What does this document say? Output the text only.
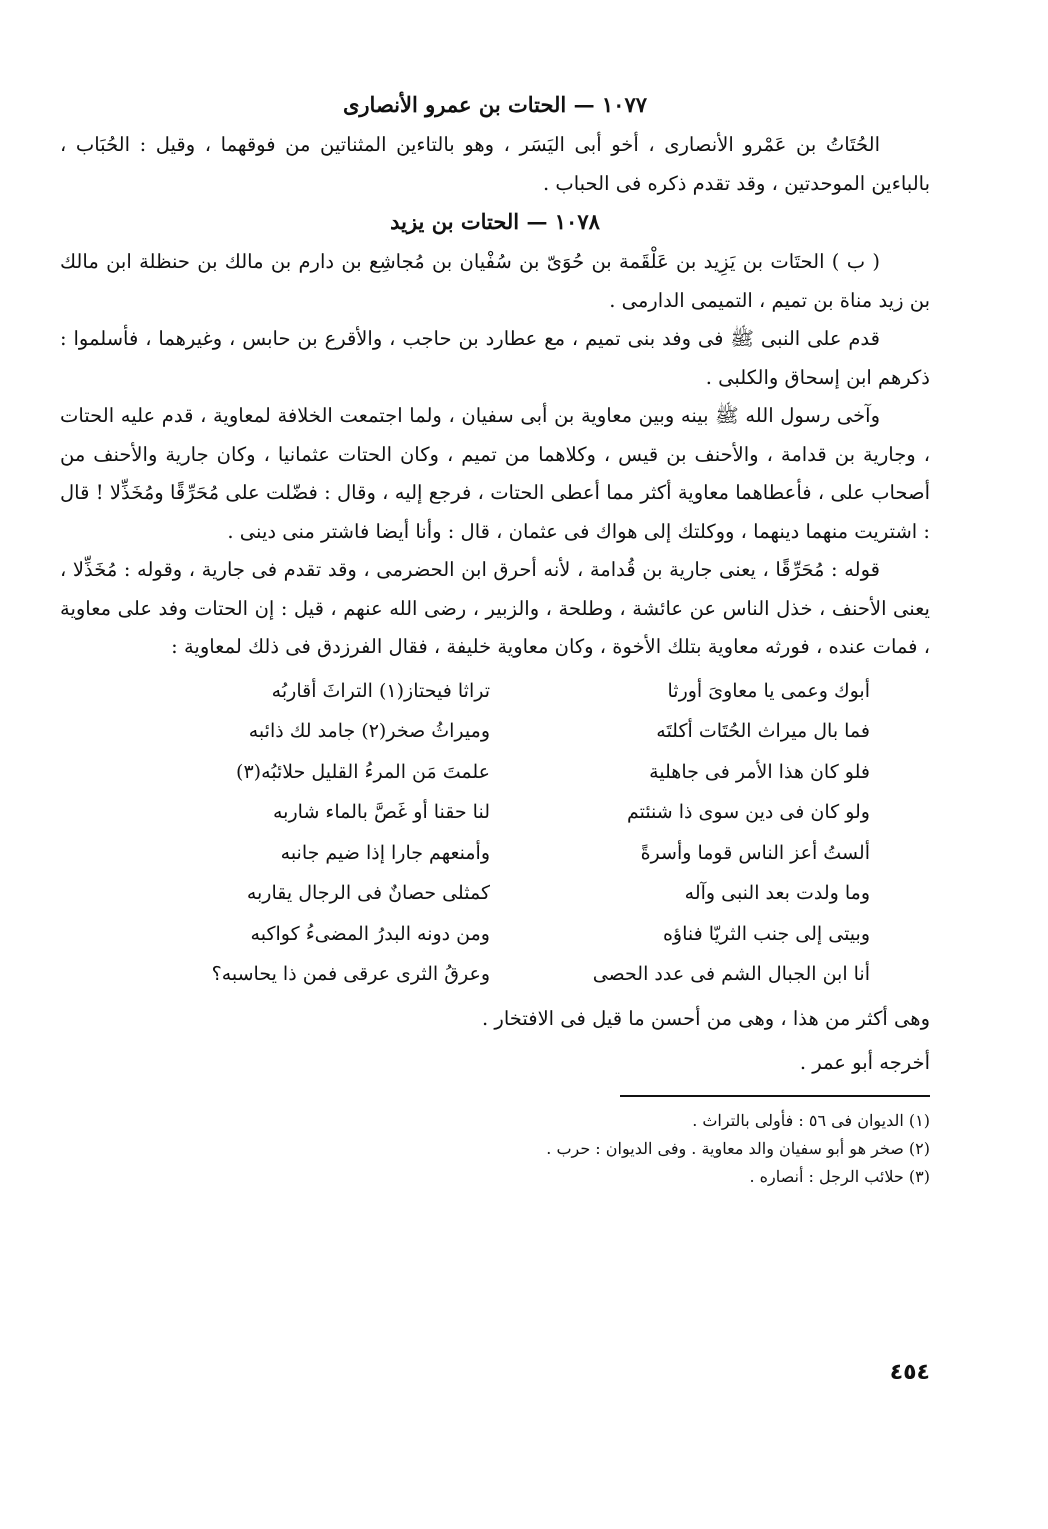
١٠٧٧ — الحتات بن عمرو الأنصارى

الحُتَاتُ بن عَمْرو الأنصارى ، أخو أبى اليَسَر ، وهو بالتاءين المثناتين من فوقهما ، وقيل : الحُبَاب ، بالباءين الموحدتين ، وقد تقدم ذكره فى الحباب .

١٠٧٨ — الحتات بن يزيد

( ب ) الحتَات بن يَزِيد بن عَلْقَمة بن حُوَىّ بن سُفْيان بن مُجاشِع بن دارم بن مالك بن حنظلة ابن مالك بن زيد مناة بن تميم ، التميمى الدارمى .

قدم على النبى ﷺ فى وفد بنى تميم ، مع عطارد بن حاجب ، والأقرع بن حابس ، وغيرهما ، فأسلموا : ذكرهم ابن إسحاق والكلبى .

وآخى رسول الله ﷺ بينه وبين معاوية بن أبى سفيان ، ولما اجتمعت الخلافة لمعاوية ، قدم عليه الحتات ، وجارية بن قدامة ، والأحنف بن قيس ، وكلاهما من تميم ، وكان الحتات عثمانيا ، وكان جارية والأحنف من أصحاب على ، فأعطاهما معاوية أكثر مما أعطى الحتات ، فرجع إليه ، وقال : فضّلت على مُحَرِّقًا ومُخَذِّلا ! قال : اشتريت منهما دينهما ، ووكلتك إلى هواك فى عثمان ، قال : وأنا أيضا فاشتر منى دينى .

قوله : مُحَرِّقًا ، يعنى جارية بن قُدامة ، لأنه أحرق ابن الحضرمى ، وقد تقدم فى جارية ، وقوله : مُخَذِّلا ، يعنى الأحنف ، خذل الناس عن عائشة ، وطلحة ، والزبير ، رضى الله عنهم ، قيل : إن الحتات وفد على معاوية ، فمات عنده ، فورثه معاوية بتلك الأخوة ، وكان معاوية خليفة ، فقال الفرزدق فى ذلك لمعاوية :

أبوك وعمى يا معاوىَ أورثا
تراثا فيحتاز(١) التراثَ أقاربُه
فما بال ميراث الحُتَات أكلتَه
وميراثُ صخر(٢) جامد لك ذائبه
فلو كان هذا الأمر فى جاهلية
علمتَ مَن المرءُ القليل حلائبُه(٣)
ولو كان فى دين سوى ذا شنئتم
لنا حقنا أو غَصَّ بالماء شاربه
ألستُ أعز الناس قوما وأسرةً
وأمنعهم جارا إذا ضيم جانبه
وما ولدت بعد النبى وآله
كمثلى حصانٌ فى الرجال يقاربه
وبيتى إلى جنب الثريّا فناؤه
ومن دونه البدرُ المضىءُ كواكبه
أنا ابن الجبال الشم فى عدد الحصى
وعرقُ الثرى عرقى فمن ذا يحاسبه؟

وهى أكثر من هذا ، وهى من أحسن ما قيل فى الافتخار .

أخرجه أبو عمر .

(١) الديوان فى ٥٦ : فأولى بالتراث .

(٢) صخر هو أبو سفيان والد معاوية . وفى الديوان : حرب .

(٣) حلائب الرجل : أنصاره .

٤٥٤
